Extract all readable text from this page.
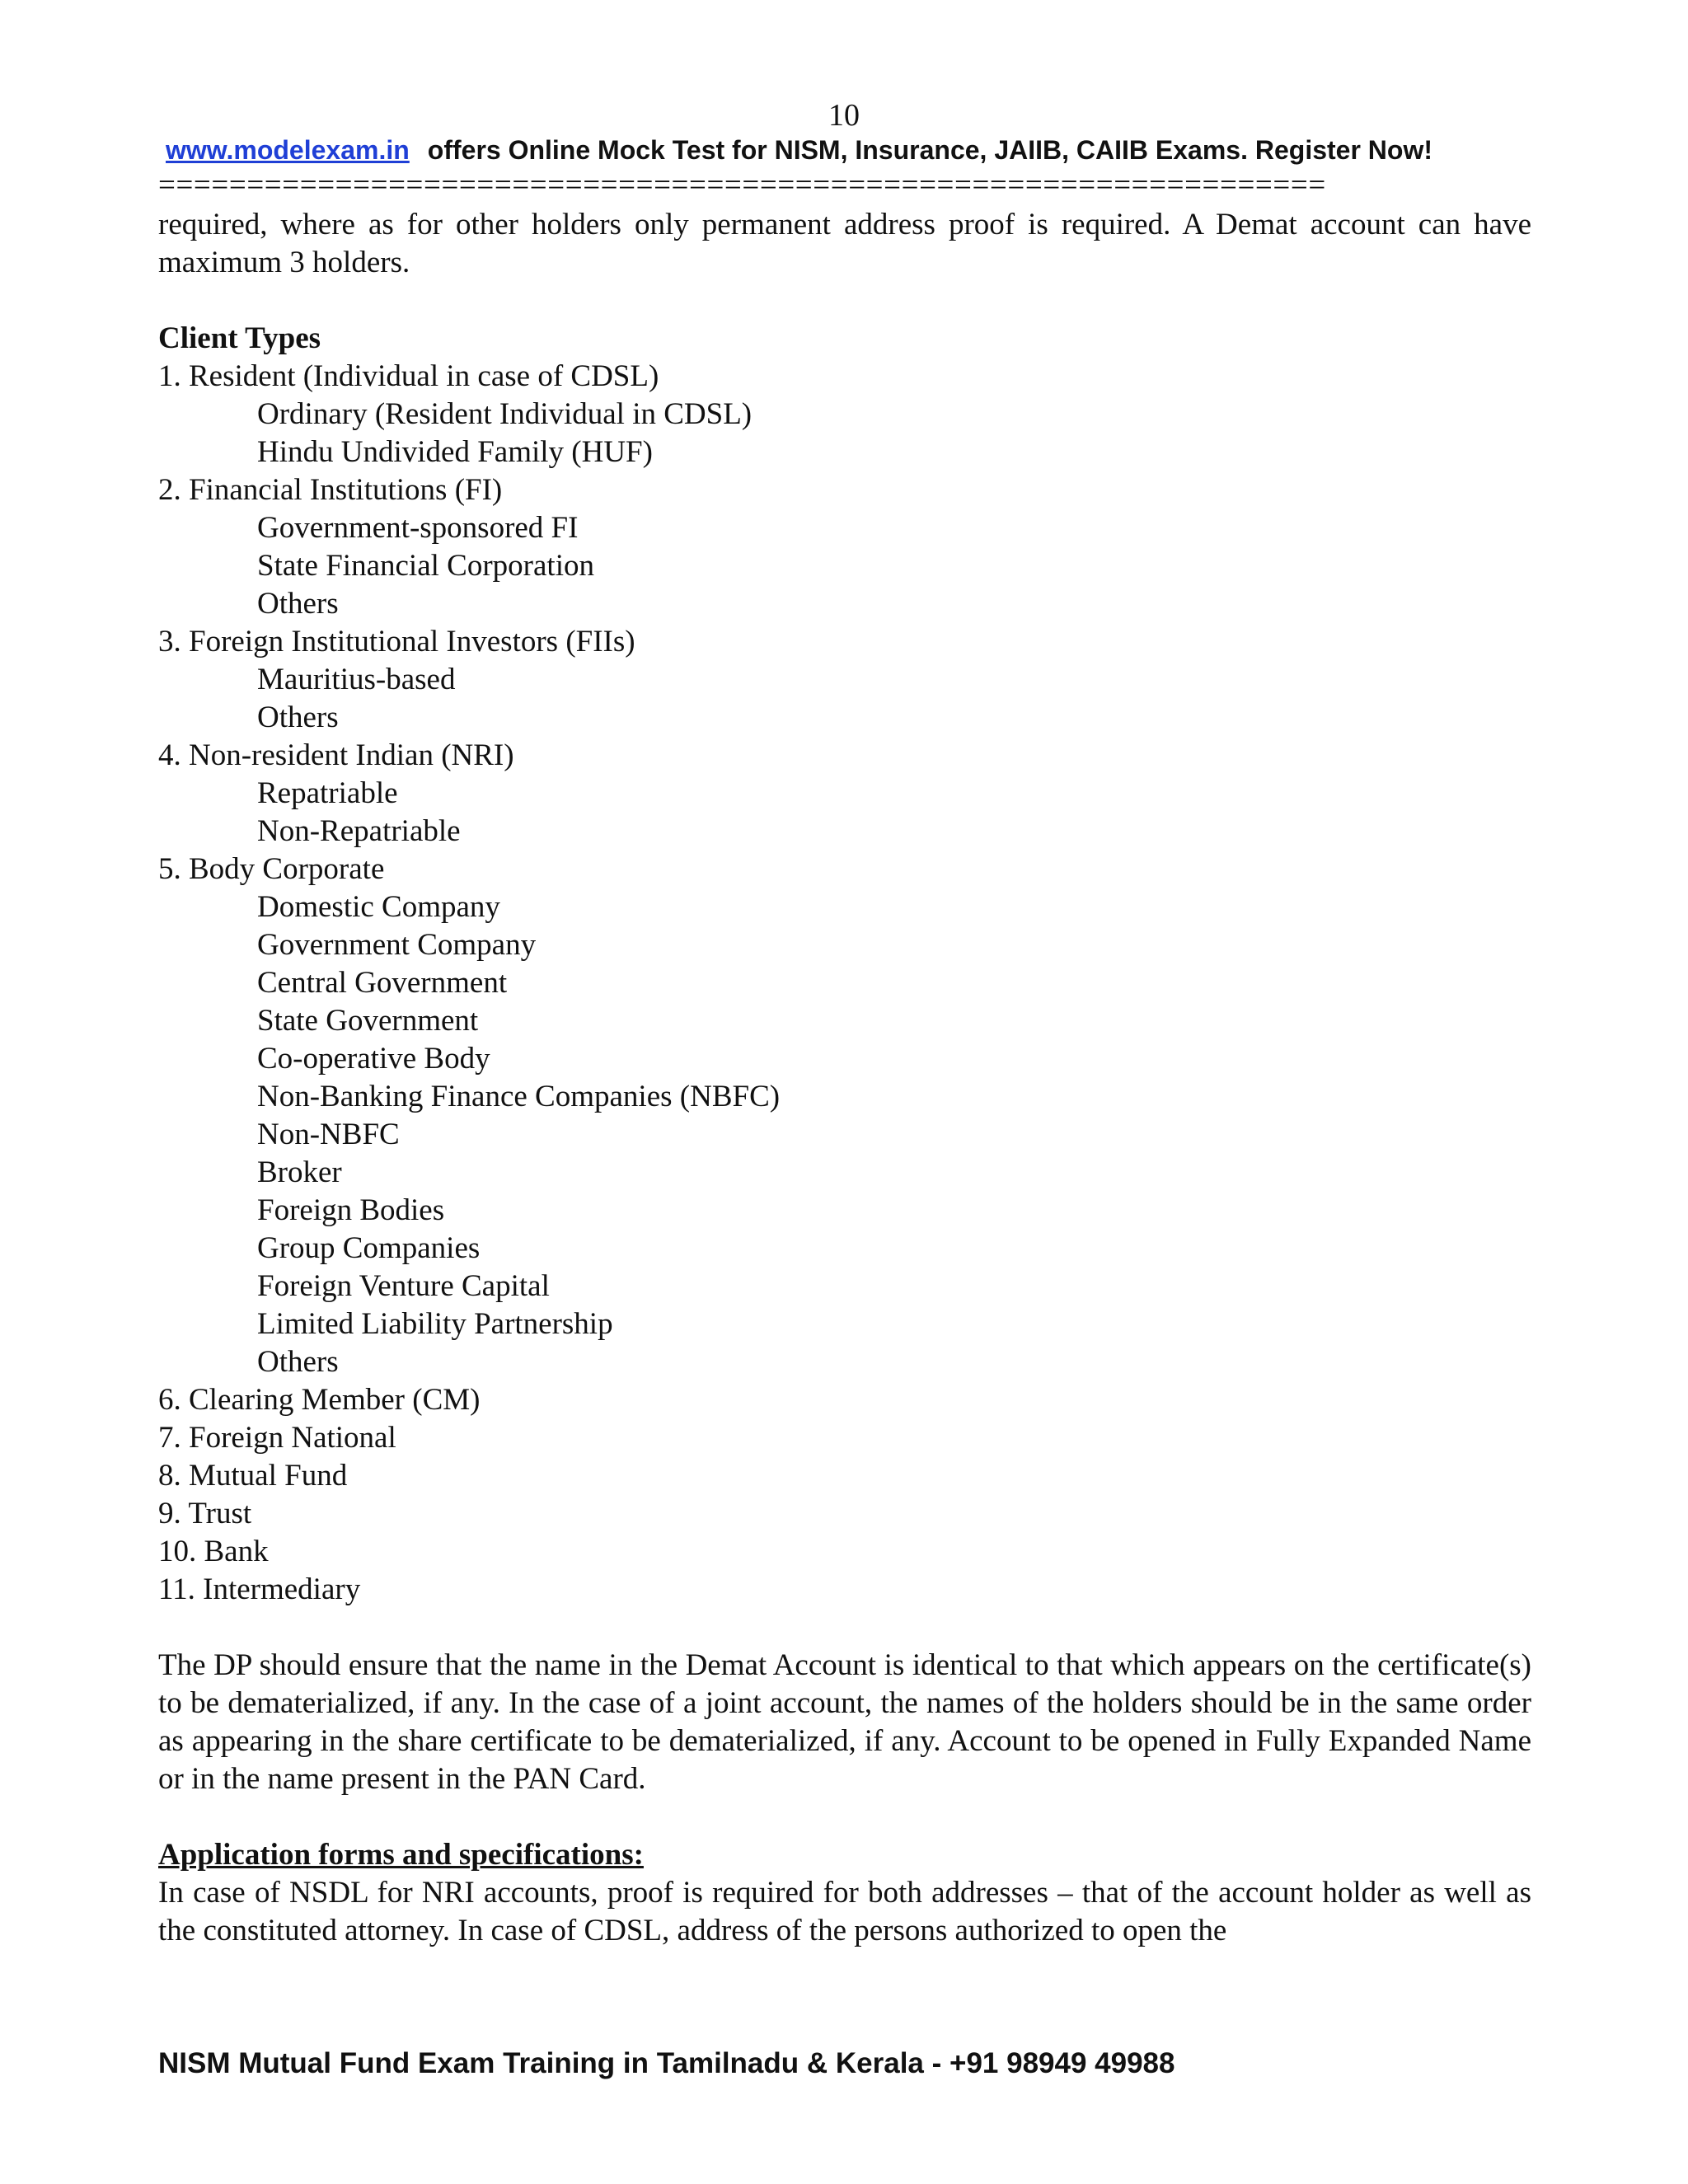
10
www.modelexam.in offers Online Mock Test for NISM, Insurance, JAIIB, CAIIB Exams. Register Now!
==================================================================

required, where as for other holders only permanent address proof is required. A Demat account can have maximum 3 holders.

Client Types

1. Resident (Individual in case of CDSL)
Ordinary (Resident Individual in CDSL)
Hindu Undivided Family (HUF)
2. Financial Institutions (FI)
Government-sponsored FI
State Financial Corporation
Others
3. Foreign Institutional Investors (FIIs)
Mauritius-based
Others
4. Non-resident Indian (NRI)
Repatriable
Non-Repatriable
5. Body Corporate
Domestic Company
Government Company
Central Government
State Government
Co-operative Body
Non-Banking Finance Companies (NBFC)
Non-NBFC
Broker
Foreign Bodies
Group Companies
Foreign Venture Capital
Limited Liability Partnership
Others
6. Clearing Member (CM)
7. Foreign National
8. Mutual Fund
9. Trust
10. Bank
11. Intermediary

The DP should ensure that the name in the Demat Account is identical to that which appears on the certificate(s) to be dematerialized, if any. In the case of a joint account, the names of the holders should be in the same order as appearing in the share certificate to be dematerialized, if any. Account to be opened in Fully Expanded Name or in the name present in the PAN Card.

Application forms and specifications:

In case of NSDL for NRI accounts, proof is required for both addresses – that of the account holder as well as the constituted attorney. In case of CDSL, address of the persons authorized to open the

NISM Mutual Fund Exam Training in Tamilnadu & Kerala - +91 98949 49988
